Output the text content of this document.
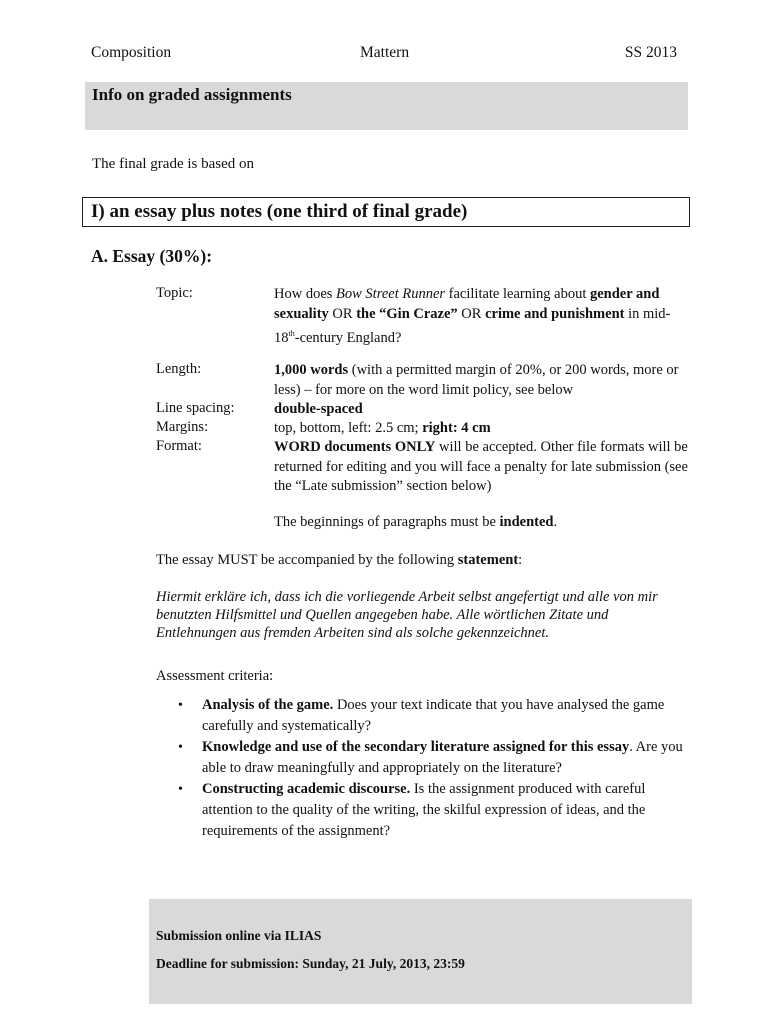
Composition	Mattern	SS 2013
Info on graded assignments
The final grade is based on
I) an essay plus notes (one third of final grade)
A. Essay (30%):
Topic:	How does Bow Street Runner facilitate learning about gender and sexuality OR the “Gin Craze” OR crime and punishment in mid-18th-century England?
Length:	1,000 words (with a permitted margin of 20%, or 200 words, more or less) – for more on the word limit policy, see below
Line spacing:	double-spaced
Margins:	top, bottom, left: 2.5 cm; right: 4 cm
Format:	WORD documents ONLY will be accepted. Other file formats will be returned for editing and you will face a penalty for late submission (see the “Late submission” section below)
The beginnings of paragraphs must be indented.
The essay MUST be accompanied by the following statement:
Hiermit erkläre ich, dass ich die vorliegende Arbeit selbst angefertigt und alle von mir benutzten Hilfsmittel und Quellen angegeben habe. Alle wörtlichen Zitate und Entlehnungen aus fremden Arbeiten sind als solche gekennzeichnet.
Assessment criteria:
• Analysis of the game. Does your text indicate that you have analysed the game carefully and systematically?
• Knowledge and use of the secondary literature assigned for this essay. Are you able to draw meaningfully and appropriately on the literature?
• Constructing academic discourse. Is the assignment produced with careful attention to the quality of the writing, the skilful expression of ideas, and the requirements of the assignment?
Submission online via ILIAS
Deadline for submission: Sunday, 21 July, 2013, 23:59
